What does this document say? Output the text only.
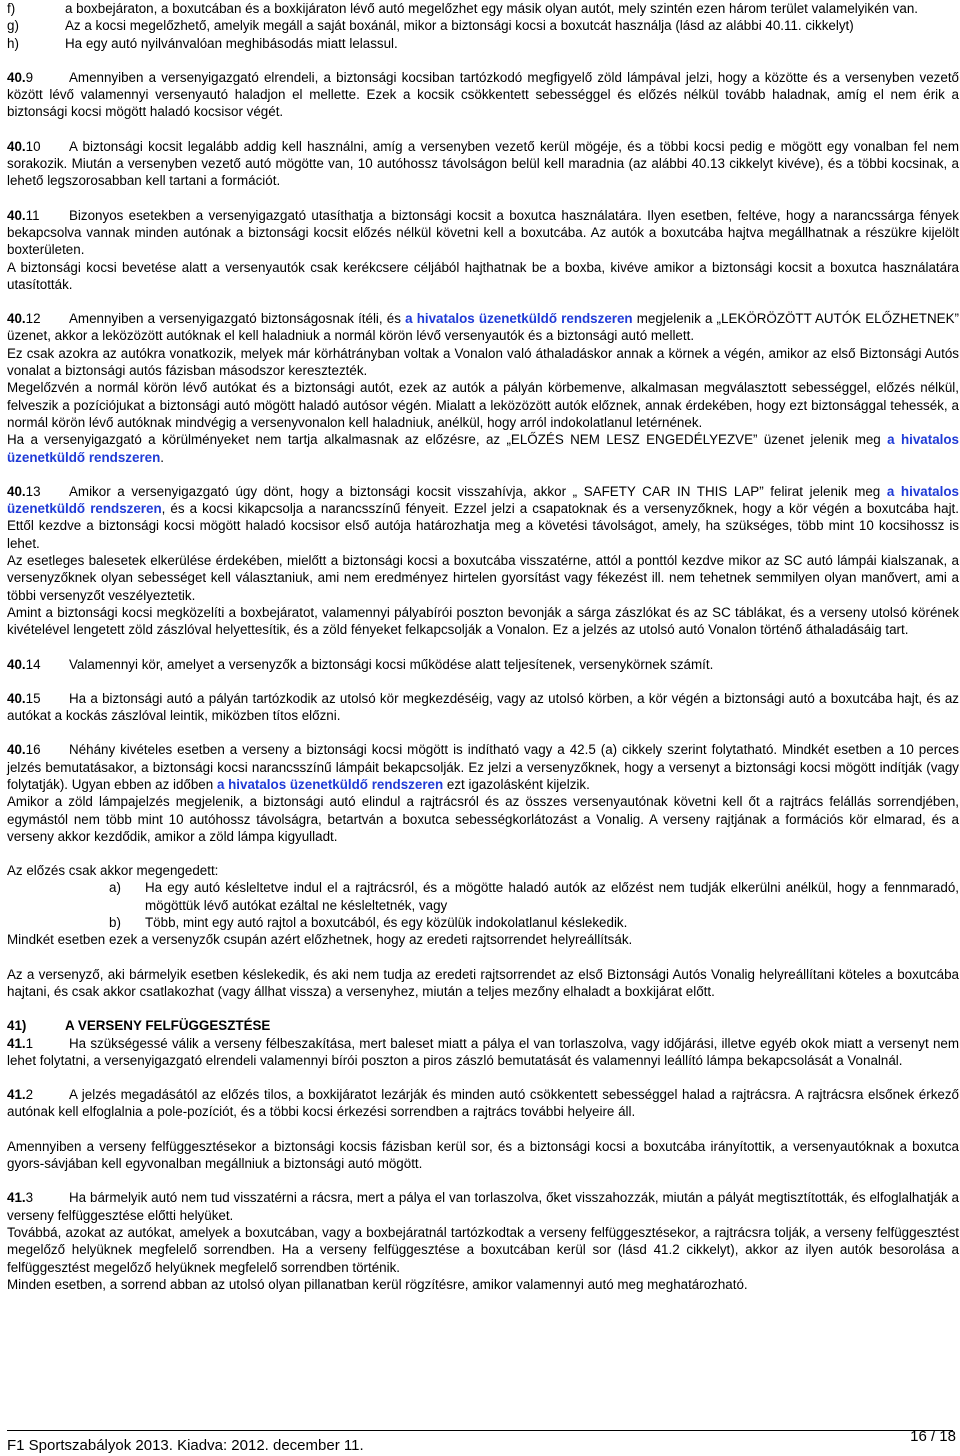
f)	a boxbejáraton, a boxutcában és a boxkijáraton lévő autó megelőzhet egy másik olyan autót, mely szintén ezen három terület valamelyikén van.
g)	Az a kocsi megelőzhető, amelyik megáll a saját boxánál, mikor a biztonsági kocsi a boxutcát használja (lásd az alábbi 40.11. cikkelyt)
h)	Ha egy autó nyilvánvalóan meghibásodás miatt lelassul.

40.9	Amennyiben a versenyigazgató elrendeli, a biztonsági kocsiban tartózkodó megfigyelő zöld lámpával jelzi, hogy a közötte és a versenyben vezető között lévő valamennyi versenyautó haladjon el mellette. Ezek a kocsik csökkentett sebességgel és előzés nélkül tovább haladnak, amíg el nem érik a biztonsági kocsi mögött haladó kocsisor végét.

40.10 A biztonsági kocsit legalább addig kell használni, amíg a versenyben vezető kerül mögéje, és a többi kocsi pedig e mögött egy vonalban fel nem sorakozik. Miután a versenyben vezető autó mögötte van, 10 autóhossz távolságon belül kell maradnia (az alábbi 40.13 cikkelyt kivéve), és a többi kocsinak, a lehető legszorosabban kell tartani a formációt.

40.11 Bizonyos esetekben a versenyigazgató utasíthatja a biztonsági kocsit a boxutca használatára. Ilyen esetben, feltéve, hogy a narancssárga fények bekapcsolva vannak minden autónak a biztonsági kocsit előzés nélkül követni kell a boxutcába. Az autók a boxutcába hajtva megállhatnak a részükre kijelölt boxterületen.

A biztonsági kocsi bevetése alatt a versenyautók csak kerékcsere céljából hajthatnak be a boxba, kivéve amikor a biztonsági kocsit a boxutca használatára utasították.

40.12 Amennyiben a versenyigazgató biztonságosnak ítéli, és a hivatalos üzenetküldő rendszeren megjelenik a „LEKÖRÖZÖTT AUTÓK ELŐZHETNEK” üzenet, akkor a leközözött autóknak el kell haladniuk a normál körön lévő versenyautók és a biztonsági autó mellett.

Ez csak azokra az autókra vonatkozik, melyek már körhátrányban voltak a Vonalon való áthaladáskor annak a körnek a végén, amikor az első Biztonsági Autós vonalat a biztonsági autós fázisban másodszor keresztezték.

Megelőzvén a normál körön lévő autókat és a biztonsági autót, ezek az autók a pályán körbemenve, alkalmasan megválasztott sebességgel, előzés nélkül, felveszik a pozíciójukat a biztonsági autó mögött haladó autósor végén. Mialatt a leközözött autók előznek, annak érdekében, hogy ezt biztonsággal tehessék, a normál körön lévő autóknak mindvégig a versenyvonalon kell haladniuk, anélkül, hogy arról indokolatlanul letérnének.

Ha a versenyigazgató a körülményeket nem tartja alkalmasnak az előzésre, az „ELŐZÉS NEM LESZ ENGEDÉLYEZVE” üzenet jelenik meg a hivatalos üzenetküldő rendszeren.

40.13 Amikor a versenyigazgató úgy dönt, hogy a biztonsági kocsit visszahívja, akkor „ SAFETY CAR IN THIS LAP” felirat jelenik meg a hivatalos üzenetküldő rendszeren, és a kocsi kikapcsolja a narancsszínű fényeit. Ezzel jelzi a csapatoknak és a versenyzőknek, hogy a kör végén a boxutcába hajt. Ettől kezdve a biztonsági kocsi mögött haladó kocsisor első autója határozhatja meg a követési távolságot, amely, ha szükséges, több mint 10 kocsihossz is lehet.

Az esetleges balesetek elkerülése érdekében, mielőtt a biztonsági kocsi a boxutcába visszatérne, attól a ponttól kezdve mikor az SC autó lámpái kialszanak, a versenyzőknek olyan sebességet kell választaniuk, ami nem eredményez hirtelen gyorsítást vagy fékezést ill. nem tehetnek semmilyen olyan manővert, ami a többi versenyzőt veszélyeztetik.

Amint a biztonsági kocsi megközelíti a boxbejáratot, valamennyi pályabírói poszton bevonják a sárga zászlókat és az SC táblákat, és a verseny utolsó körének kivételével lengetett zöld zászlóval helyettesítik, és a zöld fényeket felkapcsolják a Vonalon. Ez a jelzés az utolsó autó Vonalon történő áthaladásáig tart.

40.14 Valamennyi kör, amelyet a versenyzők a biztonsági kocsi működése alatt teljesítenek, versenykörnek számít.

40.15 Ha a biztonsági autó a pályán tartózkodik az utolsó kör megkezdéséig, vagy az utolsó körben, a kör végén a biztonsági autó a boxutcába hajt, és az autókat a kockás zászlóval leintik, miközben títos előzni.

40.16 Néhány kivételes esetben a verseny a biztonsági kocsi mögött is indítható vagy a 42.5 (a) cikkely szerint folytatható. Mindkét esetben a 10 perces jelzés bemutatásakor, a biztonsági kocsi narancsszínű lámpáit bekapcsolják. Ez jelzi a versenyzőknek, hogy a versenyt a biztonsági kocsi mögött indítják (vagy folytatják). Ugyan ebben az időben a hivatalos üzenetküldő rendszeren ezt igazolásként kijelzik.

Amikor a zöld lámpajelzés megjelenik, a biztonsági autó elindul a rajtrácsról és az összes versenyautónak követni kell őt a rajtrács felállás sorrendjében, egymástól nem több mint 10 autóhossz távolságra, betartván a boxutca sebességkorlátozást a Vonalig. A verseny rajtjának a formációs kör elmarad, és a verseny akkor kezdődik, amikor a zöld lámpa kigyulladt.

Az előzés csak akkor megengedett:

a)	Ha egy autó késleltetve indul el a rajtrácsról, és a mögötte haladó autók az előzést nem tudják elkerülni anélkül, hogy a fennmaradó, mögöttük lévő autókat ezáltal ne késleltetnék, vagy
b)	Több, mint egy autó rajtol a boxutcából, és egy közülük indokolatlanul késlekedik.

Mindkét esetben ezek a versenyzők csupán azért előzhetnek, hogy az eredeti rajtsorrendet helyreállítsák.

Az a versenyző, aki bármelyik esetben késlekedik, és aki nem tudja az eredeti rajtsorrendet az első Biztonsági Autós Vonalig helyreállítani köteles a boxutcába hajtani, és csak akkor csatlakozhat (vagy állhat vissza) a versenyhez, miután a teljes mezőny elhaladt a boxkijárat előtt.

41)	A VERSENY FELFÜGGESZTÉSE

41.1	Ha szükségessé válik a verseny félbeszakítása, mert baleset miatt a pálya el van torlaszolva, vagy időjárási, illetve egyéb okok miatt a versenyt nem lehet folytatni, a versenyigazgató elrendeli valamennyi bírói poszton a piros zászló bemutatását és valamennyi leállító lámpa bekapcsolását a Vonalnál.

41.2	A jelzés megadásától az előzés tilos, a boxkijáratot lezárják és minden autó csökkentett sebességgel halad a rajtrácsra. A rajtrácsra elsőnek érkező autónak kell elfoglalnia a pole-pozíciót, és a többi kocsi érkezési sorrendben a rajtrács további helyeire áll.

Amennyiben a verseny felfüggesztésekor a biztonsági kocsis fázisban kerül sor, és a biztonsági kocsi a boxutcába irányítottik, a versenyautóknak a boxutca gyors-sávjában kell egyvonalban megállniuk a biztonsági autó mögött.

41.3	Ha bármelyik autó nem tud visszatérni a rácsra, mert a pálya el van torlaszolva, őket visszahozzák, miután a pályát megtisztították, és elfoglalhatják a verseny felfüggesztése előtti helyüket.

Továbbá, azokat az autókat, amelyek a boxutcában, vagy a boxbejáratnál tartózkodtak a verseny felfüggesztésekor, a rajtrácsra tolják, a verseny felfüggesztést megelőző helyüknek megfelelő sorrendben. Ha a verseny felfüggesztése a boxutcában kerül sor (lásd 41.2 cikkelyt), akkor az ilyen autók besorolása a felfüggesztést megelőző helyüknek megfelelő sorrendben történik.

Minden esetben, a sorrend abban az utolsó olyan pillanatban kerül rögzítésre, amikor valamennyi autó meg meghatározható.

F1 Sportszabályok 2013. Kiadva: 2012. december 11.
16 / 18
